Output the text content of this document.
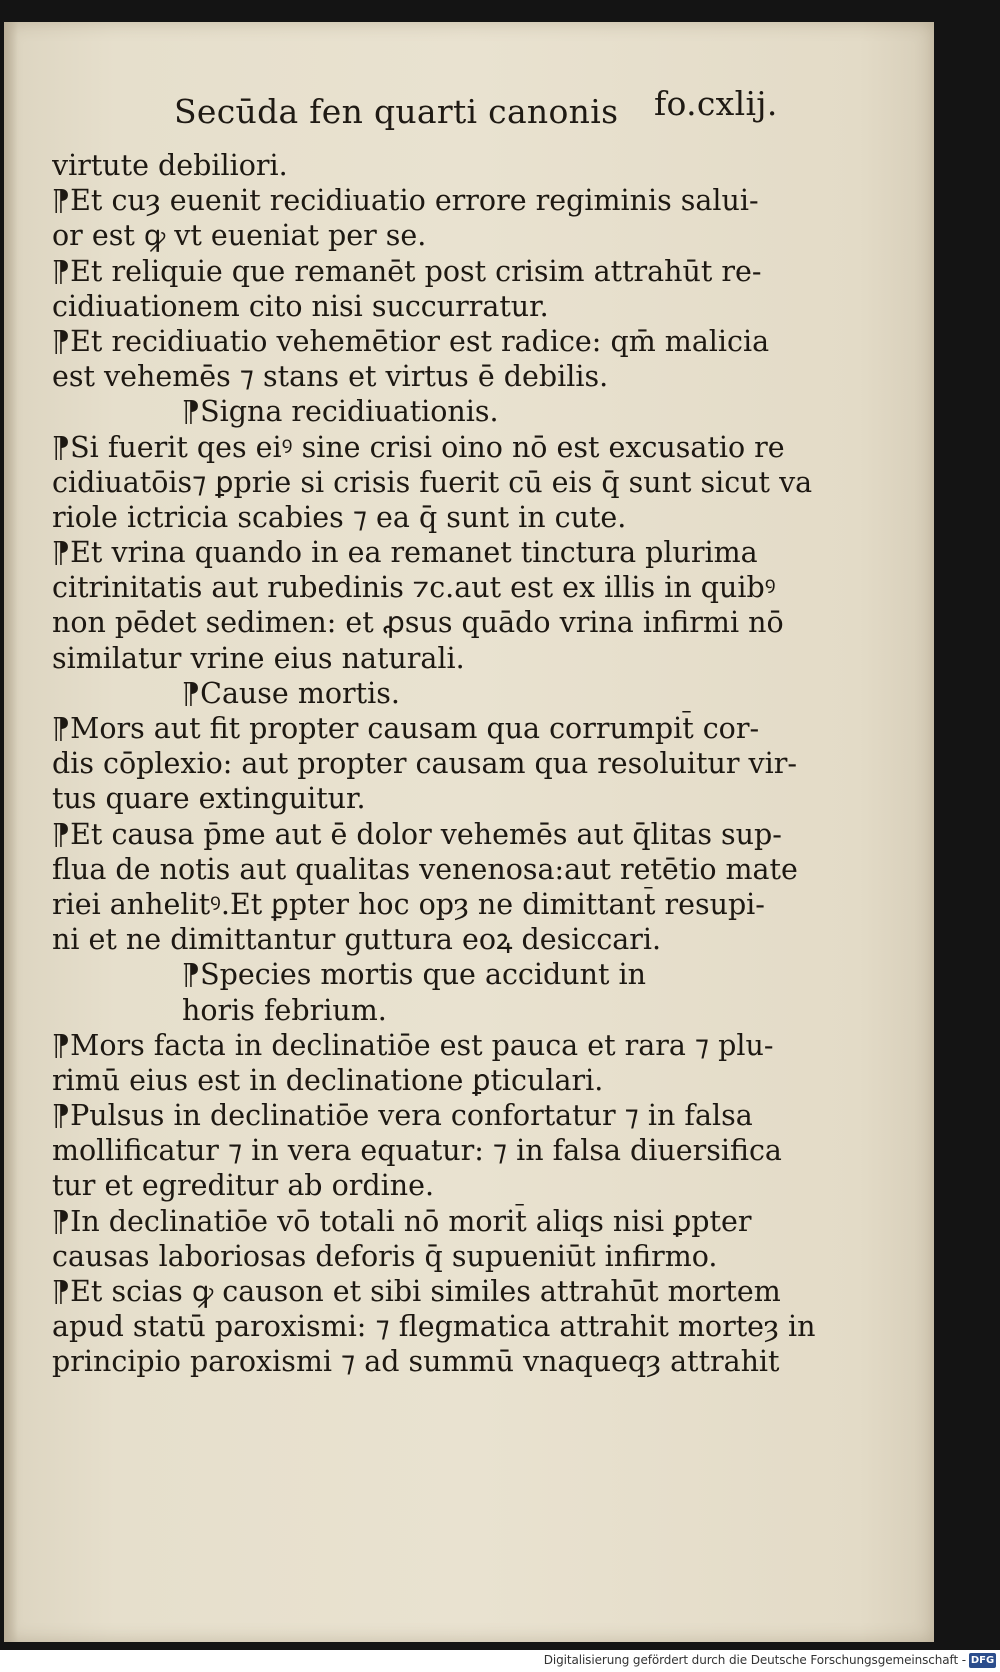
Secūda fen quarti canonis fo.cxlij.
virtute debiliori.
⁋Et cuȝ euenit recidiuatio errore regiminis salui-
or est ꝙ vt eueniat per se.
⁋Et reliquie que remanēt post crisim attrahūt re-
cidiuationem cito nisi succurratur.
⁋Et recidiuatio vehemētior est radice: qm̄ malicia
est vehemēs ⁊ stans et virtus ē debilis.
⁋Signa recidiuationis.
⁋Si fuerit qes eiꝰ sine crisi oino nō est excusatio re
cidiuatōis⁊ ꝑprie si crisis fuerit cū eis q̄ sunt sicut va
riole ictricia scabies ⁊ ea q̄ sunt in cute.
⁋Et vrina quando in ea remanet tinctura plurima
citrinitatis aut rubedinis ⁊c.aut est ex illis in quibꝰ
non pēdet sedimen: et ꝓsus quādo vrina infirmi nō
similatur vrine eius naturali.
⁋Cause mortis.
⁋Mors aut fit propter causam qua corrumpit̄ cor-
dis cōplexio: aut propter causam qua resoluitur vir-
tus quare extinguitur.
⁋Et causa p̄me aut ē dolor vehemēs aut q̄litas sup-
flua de notis aut qualitas venenosa:aut retētio mate
riei anhelitꝰ.Et ꝑpter hoc opȝ ne dimittant̄ resupi-
ni et ne dimittantur guttura eoꝝ desiccari.
⁋Species mortis que accidunt in
horis febrium.
⁋Mors facta in declinatiōe est pauca et rara ⁊ plu-
rimū eius est in declinatione ꝑticulari.
⁋Pulsus in declinatiōe vera confortatur ⁊ in falsa
mollificatur ⁊ in vera equatur: ⁊ in falsa diuersifica
tur et egreditur ab ordine.
⁋In declinatiōe vō totali nō morit̄ aliqs nisi ꝑpter
causas laboriosas deforis q̄ supueniūt infirmo.
⁋Et scias ꝙ causon et sibi similes attrahūt mortem
apud statū paroxismi: ⁊ flegmatica attrahit morteȝ in
principio paroxismi ⁊ ad summū vnaqueqȝ attrahit
Digitalisierung gefördert durch die Deutsche Forschungsgemeinschaft - DFG
